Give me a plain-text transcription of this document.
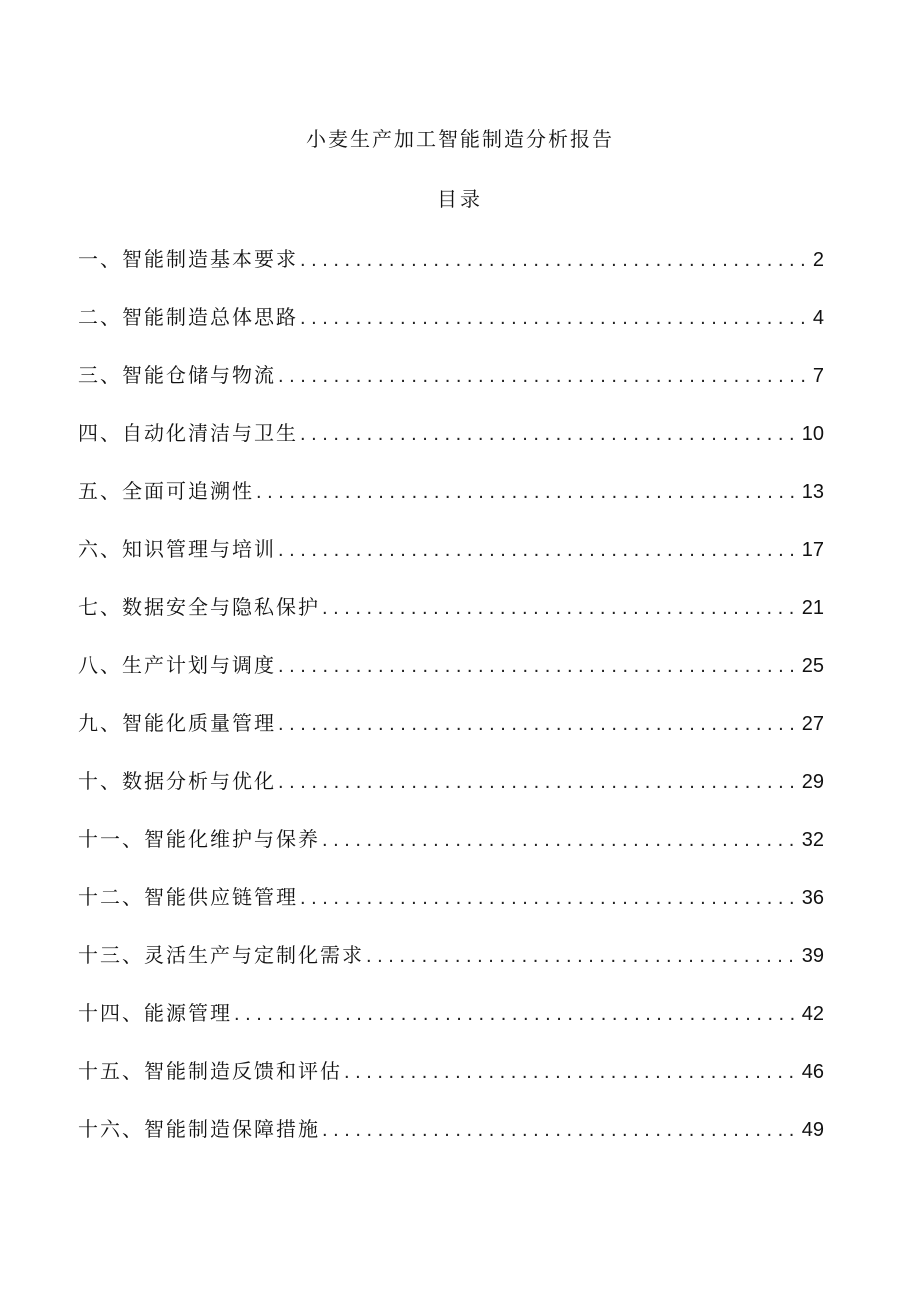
小麦生产加工智能制造分析报告
目录
一、智能制造基本要求 . . .	2
二、智能制造总体思路 . . .	4
三、智能仓储与物流 . . .	7
四、自动化清洁与卫生 . . .	10
五、全面可追溯性 . . .	13
六、知识管理与培训 . . .	17
七、数据安全与隐私保护 . . .	21
八、生产计划与调度 . . .	25
九、智能化质量管理 . . .	27
十、数据分析与优化 . . .	29
十一、智能化维护与保养 . . .	32
十二、智能供应链管理 . . .	36
十三、灵活生产与定制化需求 . . .	39
十四、能源管理 . . .	42
十五、智能制造反馈和评估 . . .	46
十六、智能制造保障措施 . . .	49
